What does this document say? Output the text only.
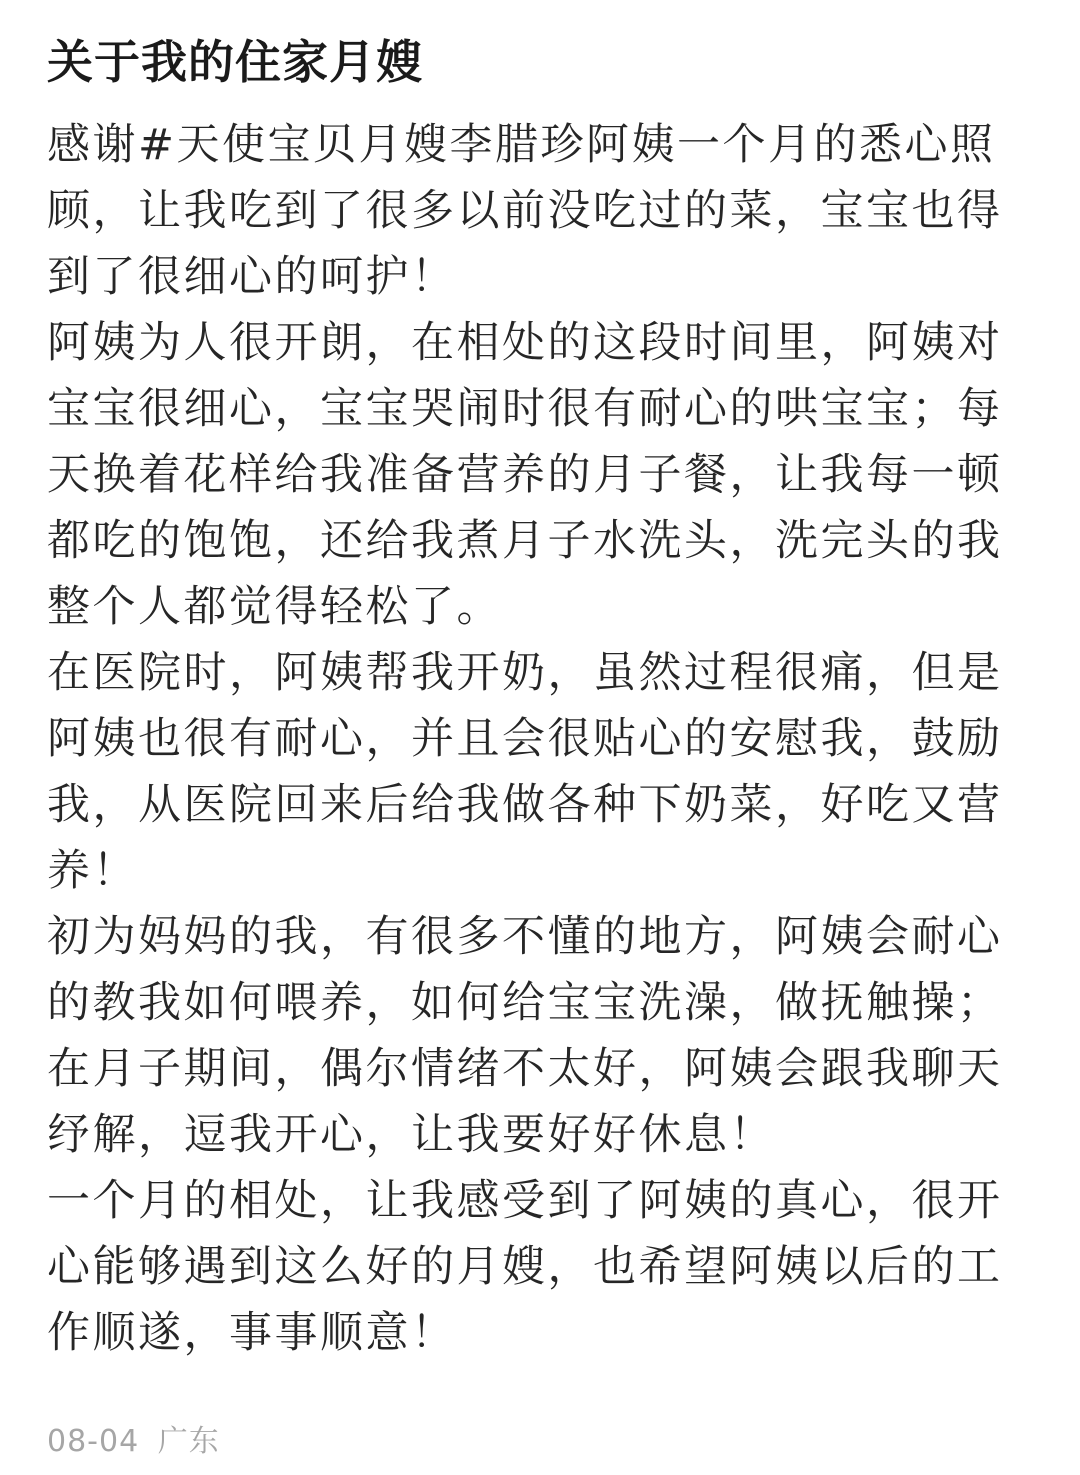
关于我的住家月嫂

感谢#天使宝贝月嫂李腊珍阿姨一个月的悉心照顾，让我吃到了很多以前没吃过的菜，宝宝也得到了很细心的呵护！

阿姨为人很开朗，在相处的这段时间里，阿姨对宝宝很细心，宝宝哭闹时很有耐心的哄宝宝；每天换着花样给我准备营养的月子餐，让我每一顿都吃的饱饱，还给我煮月子水洗头，洗完头的我整个人都觉得轻松了。

在医院时，阿姨帮我开奶，虽然过程很痛，但是阿姨也很有耐心，并且会很贴心的安慰我，鼓励我，从医院回来后给我做各种下奶菜，好吃又营养！

初为妈妈的我，有很多不懂的地方，阿姨会耐心的教我如何喂养，如何给宝宝洗澡，做抚触操；在月子期间，偶尔情绪不太好，阿姨会跟我聊天纾解，逗我开心，让我要好好休息！

一个月的相处，让我感受到了阿姨的真心，很开心能够遇到这么好的月嫂，也希望阿姨以后的工作顺遂，事事顺意！

08-04 广东
